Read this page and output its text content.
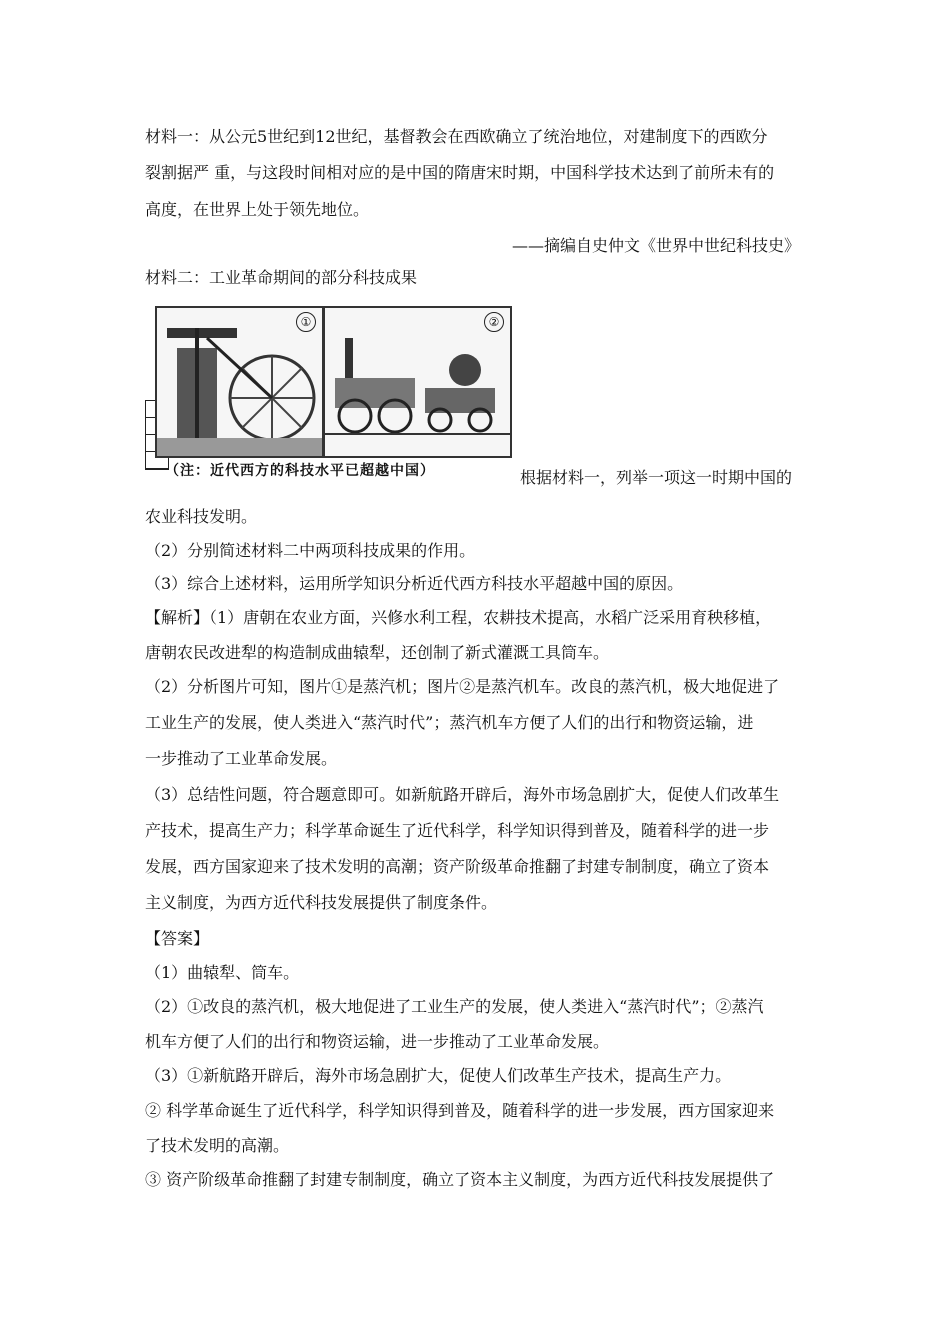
材料一：从公元5世纪到12世纪，基督教会在西欧确立了统治地位，对建制度下的西欧分
裂割据严 重，与这段时间相对应的是中国的隋唐宋时期，中国科学技术达到了前所未有的
高度，在世界上处于领先地位。
——摘编自史仲文《世界中世纪科技史》
材料二：工业革命期间的部分科技成果
①	②
（注：近代西方的科技水平已超越中国）	根据材料一，列举一项这一时期中国的
农业科技发明。
（2）分别简述材料二中两项科技成果的作用。
（3）综合上述材料，运用所学知识分析近代西方科技水平超越中国的原因。
【解析】（1）唐朝在农业方面，兴修水利工程，农耕技术提高，水稻广泛采用育秧移植，
唐朝农民改进犁的构造制成曲辕犁，还创制了新式灌溉工具筒车。
（2）分析图片可知，图片①是蒸汽机；图片②是蒸汽机车。改良的蒸汽机，极大地促进了
工业生产的发展，使人类进入“蒸汽时代”；蒸汽机车方便了人们的出行和物资运输，进
一步推动了工业革命发展。
（3）总结性问题，符合题意即可。如新航路开辟后，海外市场急剧扩大，促使人们改革生
产技术，提高生产力；科学革命诞生了近代科学，科学知识得到普及，随着科学的进一步
发展，西方国家迎来了技术发明的高潮；资产阶级革命推翻了封建专制制度，确立了资本
主义制度，为西方近代科技发展提供了制度条件。
【答案】
（1）曲辕犁、筒车。
（2）①改良的蒸汽机，极大地促进了工业生产的发展，使人类进入“蒸汽时代”；②蒸汽
机车方便了人们的出行和物资运输，进一步推动了工业革命发展。
（3）①新航路开辟后，海外市场急剧扩大，促使人们改革生产技术，提高生产力。
② 科学革命诞生了近代科学，科学知识得到普及，随着科学的进一步发展，西方国家迎来
了技术发明的高潮。
③ 资产阶级革命推翻了封建专制制度，确立了资本主义制度，为西方近代科技发展提供了
